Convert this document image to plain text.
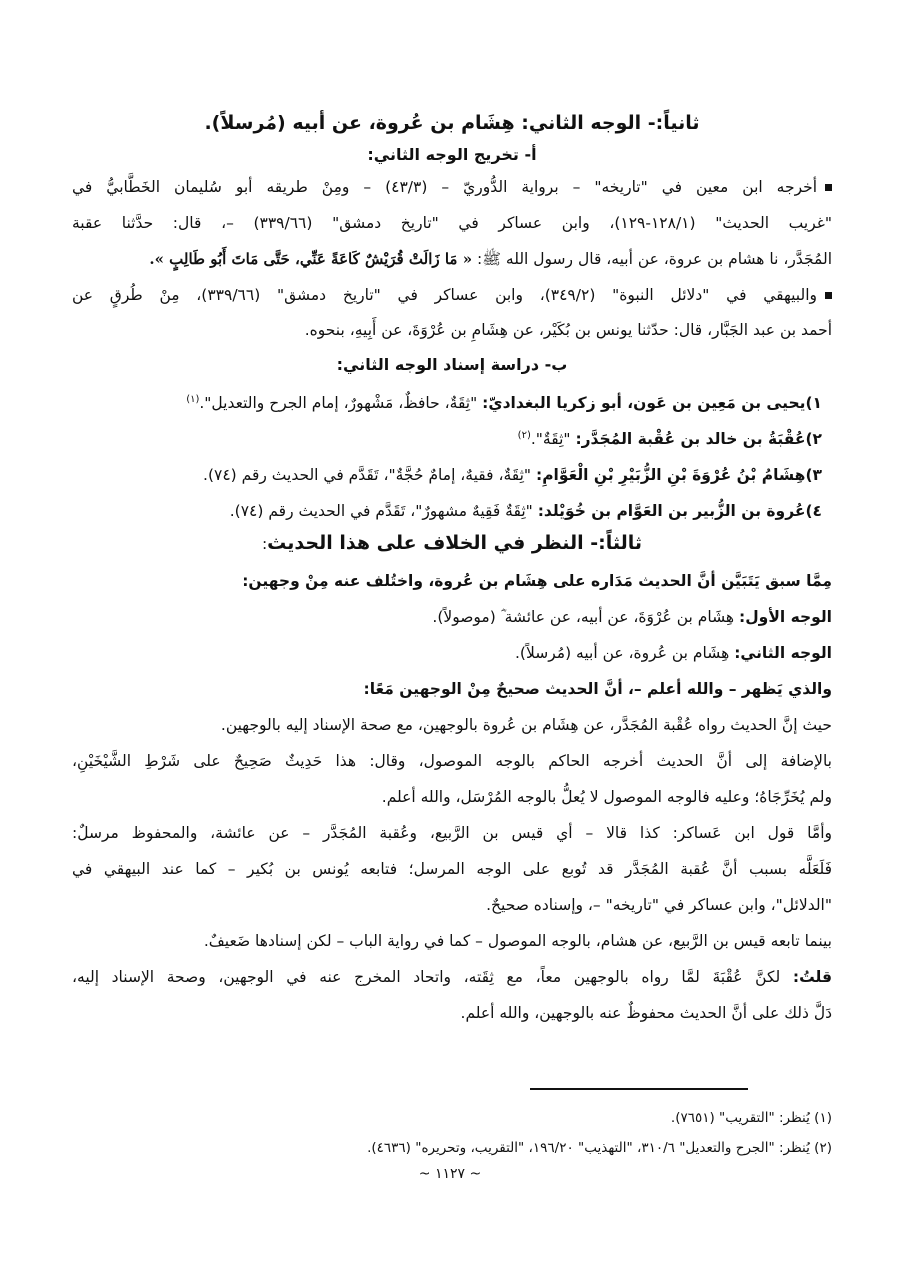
ثانياً:- الوجه الثاني: هِشَام بن عُروة، عن أبيه (مُرسلاً).
أ- تخريج الوجه الثاني:
أخرجه ابن معين في "تاريخه" – برواية الدُّوريّ – (٤٣/٣) – ومِنْ طريقه أبو سُليمان الخَطَّابيُّ في
"غريب الحديث" (١٢٨/١-١٢٩)، وابن عساكر في "تاريخ دمشق" (٣٣٩/٦٦) –، قال: حدَّثنا عقبة
المُجَدَّر، نا هشام بن عروة، عن أبيه، قال رسول الله ﷺ: « مَا زَالَتْ قُرَيْشٌ كَاعَةً عَنِّي، حَتَّى مَاتَ أَبُو طَالِبٍ ».
والبيهقي في "دلائل النبوة" (٣٤٩/٢)، وابن عساكر في "تاريخ دمشق" (٣٣٩/٦٦)، مِنْ طُرقٍ عن
أحمد بن عبد الجَبَّار، قال: حدّثنا يونس بن بُكَيْر، عن هِشَامِ بن عُرْوَةَ، عن أَبِيهِ، بنحوه.
ب- دراسة إسناد الوجه الثاني:
١)يحيى بن مَعِين بن عَون، أبو زكريا البغداديّ: "ثِقَةٌ، حافظٌ، مَشْهورٌ، إمام الجرح والتعديل".$^{(١)}$
٢)عُقْبَةُ بن خالد بن عُقْبة المُجَدَّر: "ثِقَةٌ".$^{(٢)}$
٣)هِشَامُ بْنُ عُرْوَةَ بْنِ الزُّبَيْرِ بْنِ الْعَوَّامِ: "ثِقَةٌ، فقيهٌ، إمامٌ حُجَّةٌ"، تَقَدَّم في الحديث رقم (٧٤).
٤)عُروة بن الزُّبير بن العَوَّام بن خُوَيْلد: "ثِقَةٌ فَقِيهٌ مشهورٌ"، تَقَدَّم في الحديث رقم (٧٤).
ثالثاً:- النظر في الخلاف على هذا الحديث:
مِمَّا سبق يَتَبَيَّن أنَّ الحديث مَدَاره على هِشَام بن عُروة، واختُلف عنه مِنْ وجهين:
الوجه الأول: هِشَام بن عُرْوَةَ، عن أبيه، عن عائشة ؓ (موصولاً).
الوجه الثاني: هِشَام بن عُروة، عن أبيه (مُرسلاً).
والذي يَظهر – والله أعلم –، أنَّ الحديث صحيحٌ مِنْ الوجهين مَعًا:
حيث إنَّ الحديث رواه عُقْبة المُجَدَّر، عن هِشَام بن عُروة بالوجهين، مع صحة الإسناد إليه بالوجهين.
بالإضافة إلى أنَّ الحديث أخرجه الحاكم بالوجه الموصول، وقال: هذا حَدِيثٌ صَحِيحٌ على شَرْطِ الشَّيْخَيْنِ،
ولم يُخَرِّجَاهُ؛ وعليه فالوجه الموصول لا يُعلُّ بالوجه المُرْسَل، والله أعلم.
وأمَّا قول ابن عَساكر: كذا قالا – أي قيس بن الرَّبيع، وعُقبة المُجَدَّر – عن عائشة، والمحفوظ مرسلٌ:
فَلَعَلَّه بسبب أنَّ عُقبة المُجَدَّر قد تُوبع على الوجه المرسل؛ فتابعه يُونس بن بُكير – كما عند البيهقي في
"الدلائل"، وابن عساكر في "تاريخه" –، وإسناده صحيحٌ.
بينما تابعه قيس بن الرَّبيع، عن هشام، بالوجه الموصول – كما في رواية الباب – لكن إسنادها ضَعيفٌ.
قلتُ: لكنَّ عُقْبَةَ لمَّا رواه بالوجهين معاً، مع ثِقَته، واتحاد المخرج عنه في الوجهين، وصحة الإسناد إليه،
دَلَّ ذلك على أنَّ الحديث محفوظٌ عنه بالوجهين، والله أعلم.
(١) يُنظر: "التقريب" (٧٦٥١).
(٢) يُنظر: "الجرح والتعديل" ٣١٠/٦، "التهذيب" ١٩٦/٢٠، "التقريب، وتحريره" (٤٦٣٦).
~ ١١٢٧ ~
